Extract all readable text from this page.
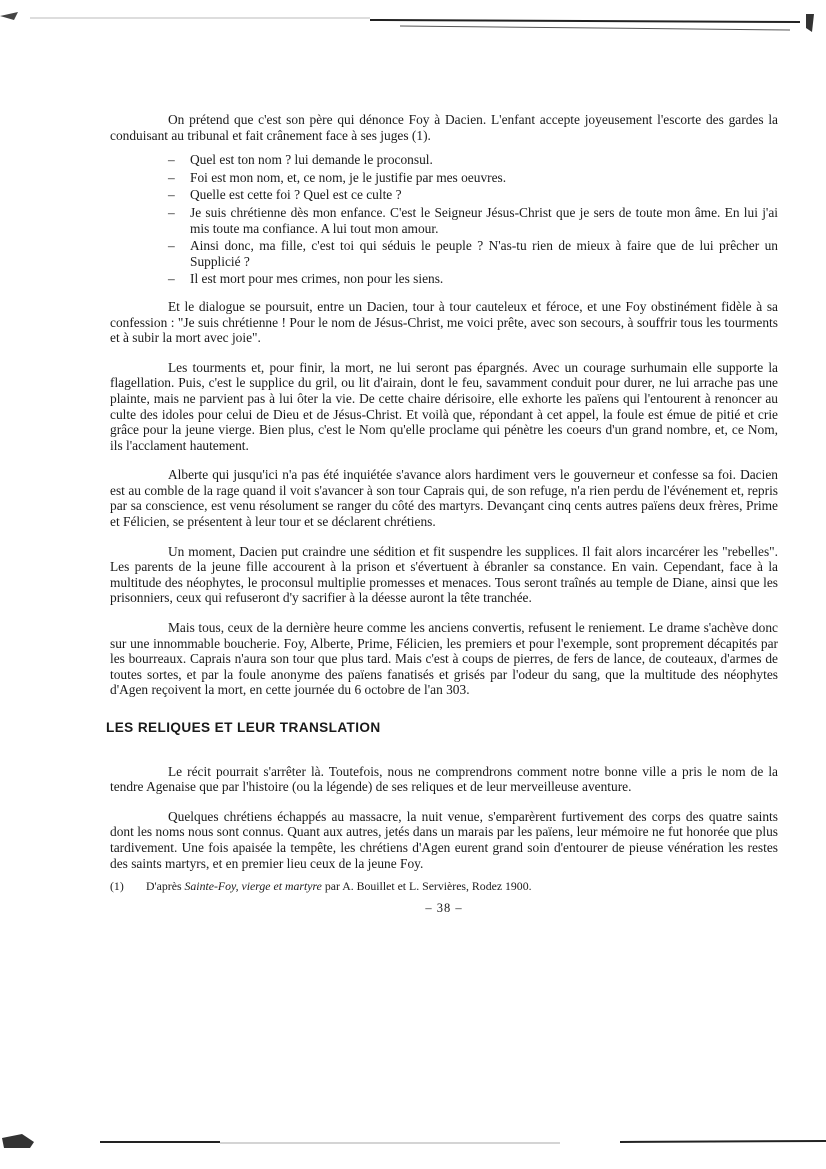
On prétend que c'est son père qui dénonce Foy à Dacien. L'enfant accepte joyeusement l'escorte des gardes la conduisant au tribunal et fait crânement face à ses juges (1).

– Quel est ton nom ? lui demande le proconsul.
– Foi est mon nom, et, ce nom, je le justifie par mes oeuvres.
– Quelle est cette foi ? Quel est ce culte ?
– Je suis chrétienne dès mon enfance. C'est le Seigneur Jésus-Christ que je sers de toute mon âme. En lui j'ai mis toute ma confiance. A lui tout mon amour.
– Ainsi donc, ma fille, c'est toi qui séduis le peuple ? N'as-tu rien de mieux à faire que de lui prêcher un Supplicié ?
– Il est mort pour mes crimes, non pour les siens.

Et le dialogue se poursuit, entre un Dacien, tour à tour cauteleux et féroce, et une Foy obstinément fidèle à sa confession : "Je suis chrétienne ! Pour le nom de Jésus-Christ, me voici prête, avec son secours, à souffrir tous les tourments et à subir la mort avec joie".

Les tourments et, pour finir, la mort, ne lui seront pas épargnés. Avec un courage surhumain elle supporte la flagellation. Puis, c'est le supplice du gril, ou lit d'airain, dont le feu, savamment conduit pour durer, ne lui arrache pas une plainte, mais ne parvient pas à lui ôter la vie. De cette chaire dérisoire, elle exhorte les païens qui l'entourent à renoncer au culte des idoles pour celui de Dieu et de Jésus-Christ. Et voilà que, répondant à cet appel, la foule est émue de pitié et crie grâce pour la jeune vierge. Bien plus, c'est le Nom qu'elle proclame qui pénètre les coeurs d'un grand nombre, et, ce Nom, ils l'acclament hautement.

Alberte qui jusqu'ici n'a pas été inquiétée s'avance alors hardiment vers le gouverneur et confesse sa foi. Dacien est au comble de la rage quand il voit s'avancer à son tour Caprais qui, de son refuge, n'a rien perdu de l'événement et, repris par sa conscience, est venu résolument se ranger du côté des martyrs. Devançant cinq cents autres païens deux frères, Prime et Félicien, se présentent à leur tour et se déclarent chrétiens.

Un moment, Dacien put craindre une sédition et fit suspendre les supplices. Il fait alors incarcérer les "rebelles". Les parents de la jeune fille accourent à la prison et s'évertuent à ébranler sa constance. En vain. Cependant, face à la multitude des néophytes, le proconsul multiplie promesses et menaces. Tous seront traînés au temple de Diane, ainsi que les prisonniers, ceux qui refuseront d'y sacrifier à la déesse auront la tête tranchée.

Mais tous, ceux de la dernière heure comme les anciens convertis, refusent le reniement. Le drame s'achève donc sur une innommable boucherie. Foy, Alberte, Prime, Félicien, les premiers et pour l'exemple, sont proprement décapités par les bourreaux. Caprais n'aura son tour que plus tard. Mais c'est à coups de pierres, de fers de lance, de couteaux, d'armes de toutes sortes, et par la foule anonyme des païens fanatisés et grisés par l'odeur du sang, que la multitude des néophytes d'Agen reçoivent la mort, en cette journée du 6 octobre de l'an 303.

LES RELIQUES ET LEUR TRANSLATION

Le récit pourrait s'arrêter là. Toutefois, nous ne comprendrons comment notre bonne ville a pris le nom de la tendre Agenaise que par l'histoire (ou la légende) de ses reliques et de leur merveilleuse aventure.

Quelques chrétiens échappés au massacre, la nuit venue, s'emparèrent furtivement des corps des quatre saints dont les noms nous sont connus. Quant aux autres, jetés dans un marais par les païens, leur mémoire ne fut honorée que plus tardivement. Une fois apaisée la tempête, les chrétiens d'Agen eurent grand soin d'entourer de pieuse vénération les restes des saints martyrs, et en premier lieu ceux de la jeune Foy.

(1) D'après Sainte-Foy, vierge et martyre par A. Bouillet et L. Servières, Rodez 1900.

– 38 –
